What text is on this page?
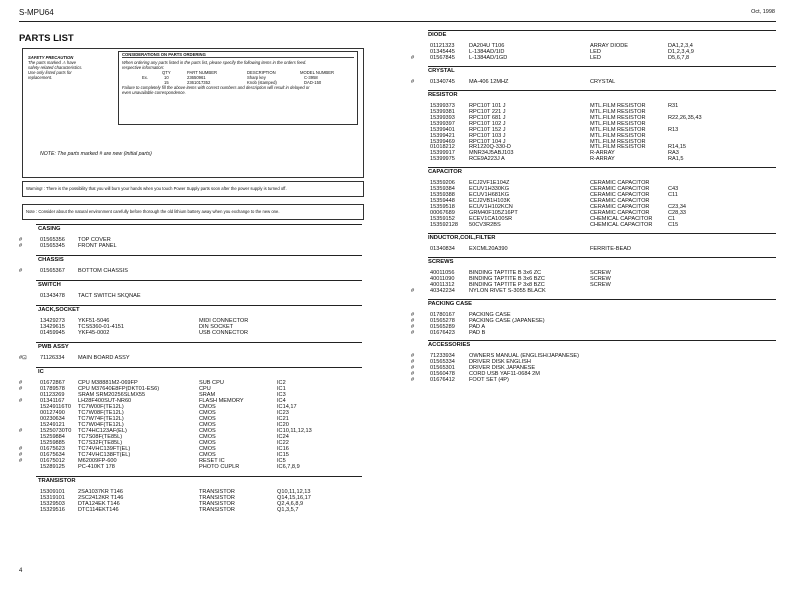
S-MPU64	Oct, 1998
PARTS LIST
SAFETY PRECAUTION
The parts marked ⚠ have
safety-related characteristics.
Use only listed parts for
replacement.
CONSIDERATIONS ON PARTS ORDERING
When ordering any parts listed in the parts list, please specify the following items in the orders feed.
respective information:
QTY	PART NUMBER	DESCRIPTION	MODEL NUMBER
Ex.	10	23650961	Sharp key	C-3958
15	2361017352	Knob (stamped)	DAD-150
Failure to completely fill the above items with correct numbers and description will result in delayed or
even unavailable correspondence.
NOTE: The parts marked # are new (initial parts)
Warning! : There is the possibility that you will burn your hands when you touch Power Supply parts soon after the power supply is turned off.
Note : Consider about the natural environment carefully before thorough the old lithium battery away when you exchange to the new one.
CASING
#	01565356 TOP COVER
#	01565345 FRONT PANEL
CHASSIS
#	01565367 BOTTOM CHASSIS
SWITCH
01343478 TACT SWITCH SKQNAE
JACK,SOCKET
13429273 YKF51-5046	MIDI CONNECTOR
13429615 TCS5360-01-4151	DIN SOCKET
01459945 YKF45-0002	USB CONNECTOR
PWB ASSY
#⊡ 71126334 MAIN BOARD ASSY
IC
#	01672867 CPU M38881M2-069FP	SUB CPU	IC2
#	01789578 CPU M37640E8FP(DKT01-ES6)	CPU	IC1
01123269 SRAM SRM20256SLMX55	SRAM	IC3
#	01341167 LH28F400SUT-NR60	FLASH MEMORY	IC4
15249116T0 TC7W00F(TE12L)	CMOS	IC14,17
00127490 TC7W08F(TE12L)	CMOS	IC23
00230634 TC7W74F(TE12L)	CMOS	IC21
15249121 TC7W04F(TE12L)	CMOS	IC20
#	15250730T0 TC74HC123AF(EL)	CMOS	IC10,11,12,13
15259884 TC7S08F(TE85L)	CMOS	IC24
15259885 TC7S32F(TE85L)	CMOS	IC22
#	01675623 TC74VHC139FT(EL)	CMOS	IC16
#	01675634 TC74VHC138FT(EL)	CMOS	IC15
#	01675012 M62009FP-600	RESET IC	IC5
15289125 PC-410KT 178	PHOTO CUPLR	IC6,7,8,9
TRANSISTOR
15309101 2SA1037KR T146	TRANSISTOR	Q10,11,12,13
15319101 2SC2412KR T146	TRANSISTOR	Q14,15,16,17
15329503 DTA124EK T146	TRANSISTOR	Q2,4,6,8,9
15329516 DTC114EKT146	TRANSISTOR	Q1,3,5,7
DIODE
01121323	DA204U T106	ARRAY DIODE	DA1,2,3,4
01345445	L-1384AD/1ID	LED	D1,2,3,4,9
#	01567845	L-1384AD/1GD	LED	D5,6,7,8
CRYSTAL
#	01340745	MA-406 12MHZ	CRYSTAL
RESISTOR
15399373	RPC10T 101 J	MTL.FILM RESISTOR	R31
15399381	RPC10T 221 J	MTL.FILM RESISTOR
15399393	RPC10T 681 J	MTL.FILM RESISTOR	R22,26,35,43
15399397	RPC10T 102 J	MTL.FILM RESISTOR
15399401	RPC10T 152 J	MTL.FILM RESISTOR	R13
15399421	RPC10T 103 J	MTL.FILM RESISTOR
15399469	RPC10T 104 J	MTL.FILM RESISTOR
01018212	RR1220Q-330-D	MTL.FILM RESISTOR	R14,15
15399917	MNR34J5ABJ103	R-ARRAY	RA3
15399975	RCE9A223J A	R-ARRAY	RA1,5
CAPACITOR
15359206	ECJ2VF1E104Z	CERAMIC CAPACITOR
15359384	ECUV1H330KG	CERAMIC CAPACITOR	C43
15359388	ECUV1H681KG	CERAMIC CAPACITOR	C11
15359448	ECJ2VB1H103K	CERAMIC CAPACITOR
15359518	ECUV1H102KCN	CERAMIC CAPACITOR	C23,34
00067689	GRM40F105Z16PT	CERAMIC CAPACITOR	C28,33
15359152	ECEV1CA100SR	CHEMICAL CAPACITOR	C1
153592128 50CV3R2BS	CHEMICAL CAPACITOR	C15
INDUCTOR,COIL,FILTER
01340834	EXCML20A390	FERRITE-BEAD
SCREWS
40011056	BINDING TAPTITE B 3x6 ZC	SCREW
40011090	BINDING TAPTITE B 3x6 BZC	SCREW
40011312	BINDING TAPTITE P 3x8 BZC	SCREW
#	40342234	NYLON RIVET S-3055 BLACK
PACKING CASE
#	01780167	PACKING CASE
#	01565278	PACKING CASE (JAPANESE)
#	01565289	PAD A
#	01676423	PAD B
ACCESSORIES
#	71233934	OWNERS MANUAL (ENGLISH/JAPANESE)
#	01565334	DRIVER DISK ENGLISH
#	01565301	DRIVER DISK JAPANESE
#	01560478	CORD USB YAF11-0684 2M
#	01676412	FOOT SET (4P)
4
